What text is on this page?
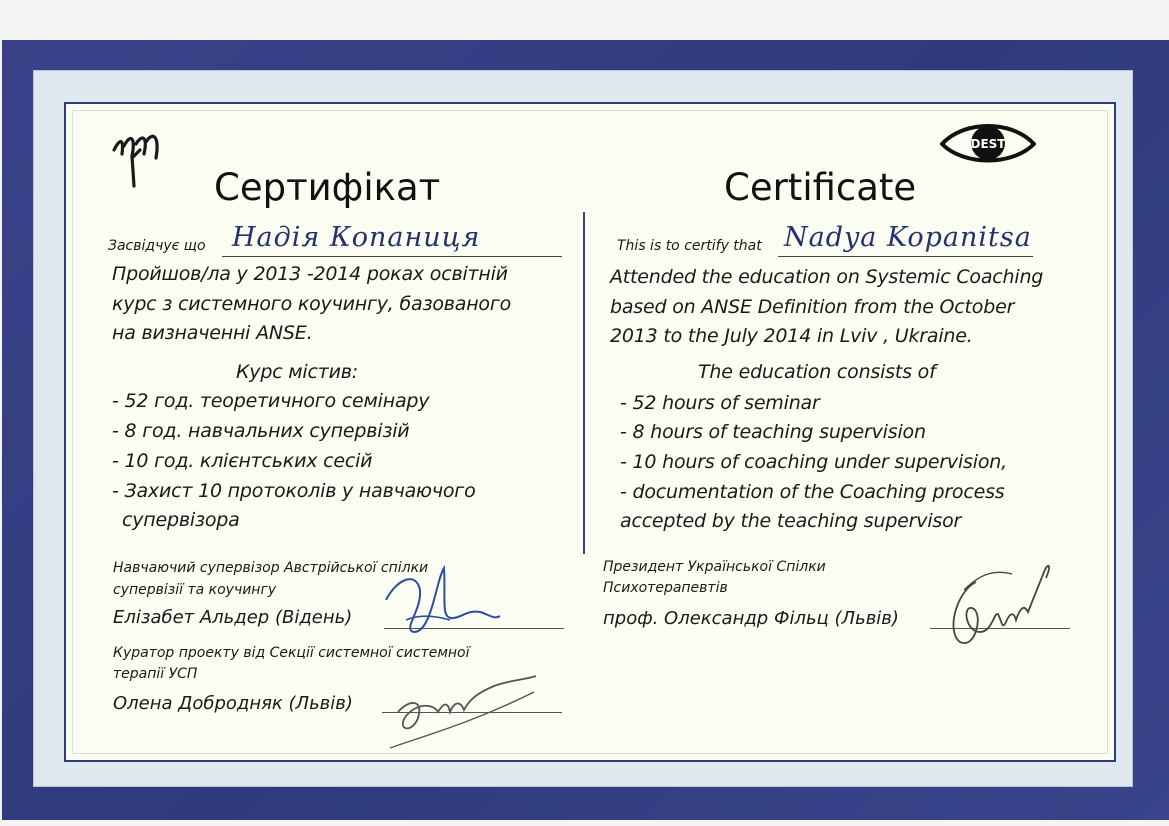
DEST
Сертифікат	Certificate
Засвідчує що Надія Копаниця	This is to certify that Nadya Kopanitsa
Пройшов/ла у 2013 -2014 роках освітній
курс з системного коучингу, базованого
на визначенні ANSE.
Курс містив:
- 52 год. теоретичного семінару
- 8 год. навчальних супервізій
- 10 год. клієнтських сесій
- Захист 10 протоколів у навчаючого
супервізора
Attended the education on Systemic Coaching
based on ANSE Definition from the October
2013 to the July 2014 in Lviv , Ukraine.
The education consists of
- 52 hours of seminar
- 8 hours of teaching supervision
- 10 hours of coaching under supervision,
- documentation of the Coaching process
accepted by the teaching supervisor
Навчаючий супервізор Австрійської спілки
супервізії та коучингу
Елізабет Альдер (Відень)
Куратор проекту від Секції системної системної
терапії УСП
Олена Добродняк (Львів)
Президент Української Спілки
Психотерапевтів
проф. Олександр Фільц (Львів)
